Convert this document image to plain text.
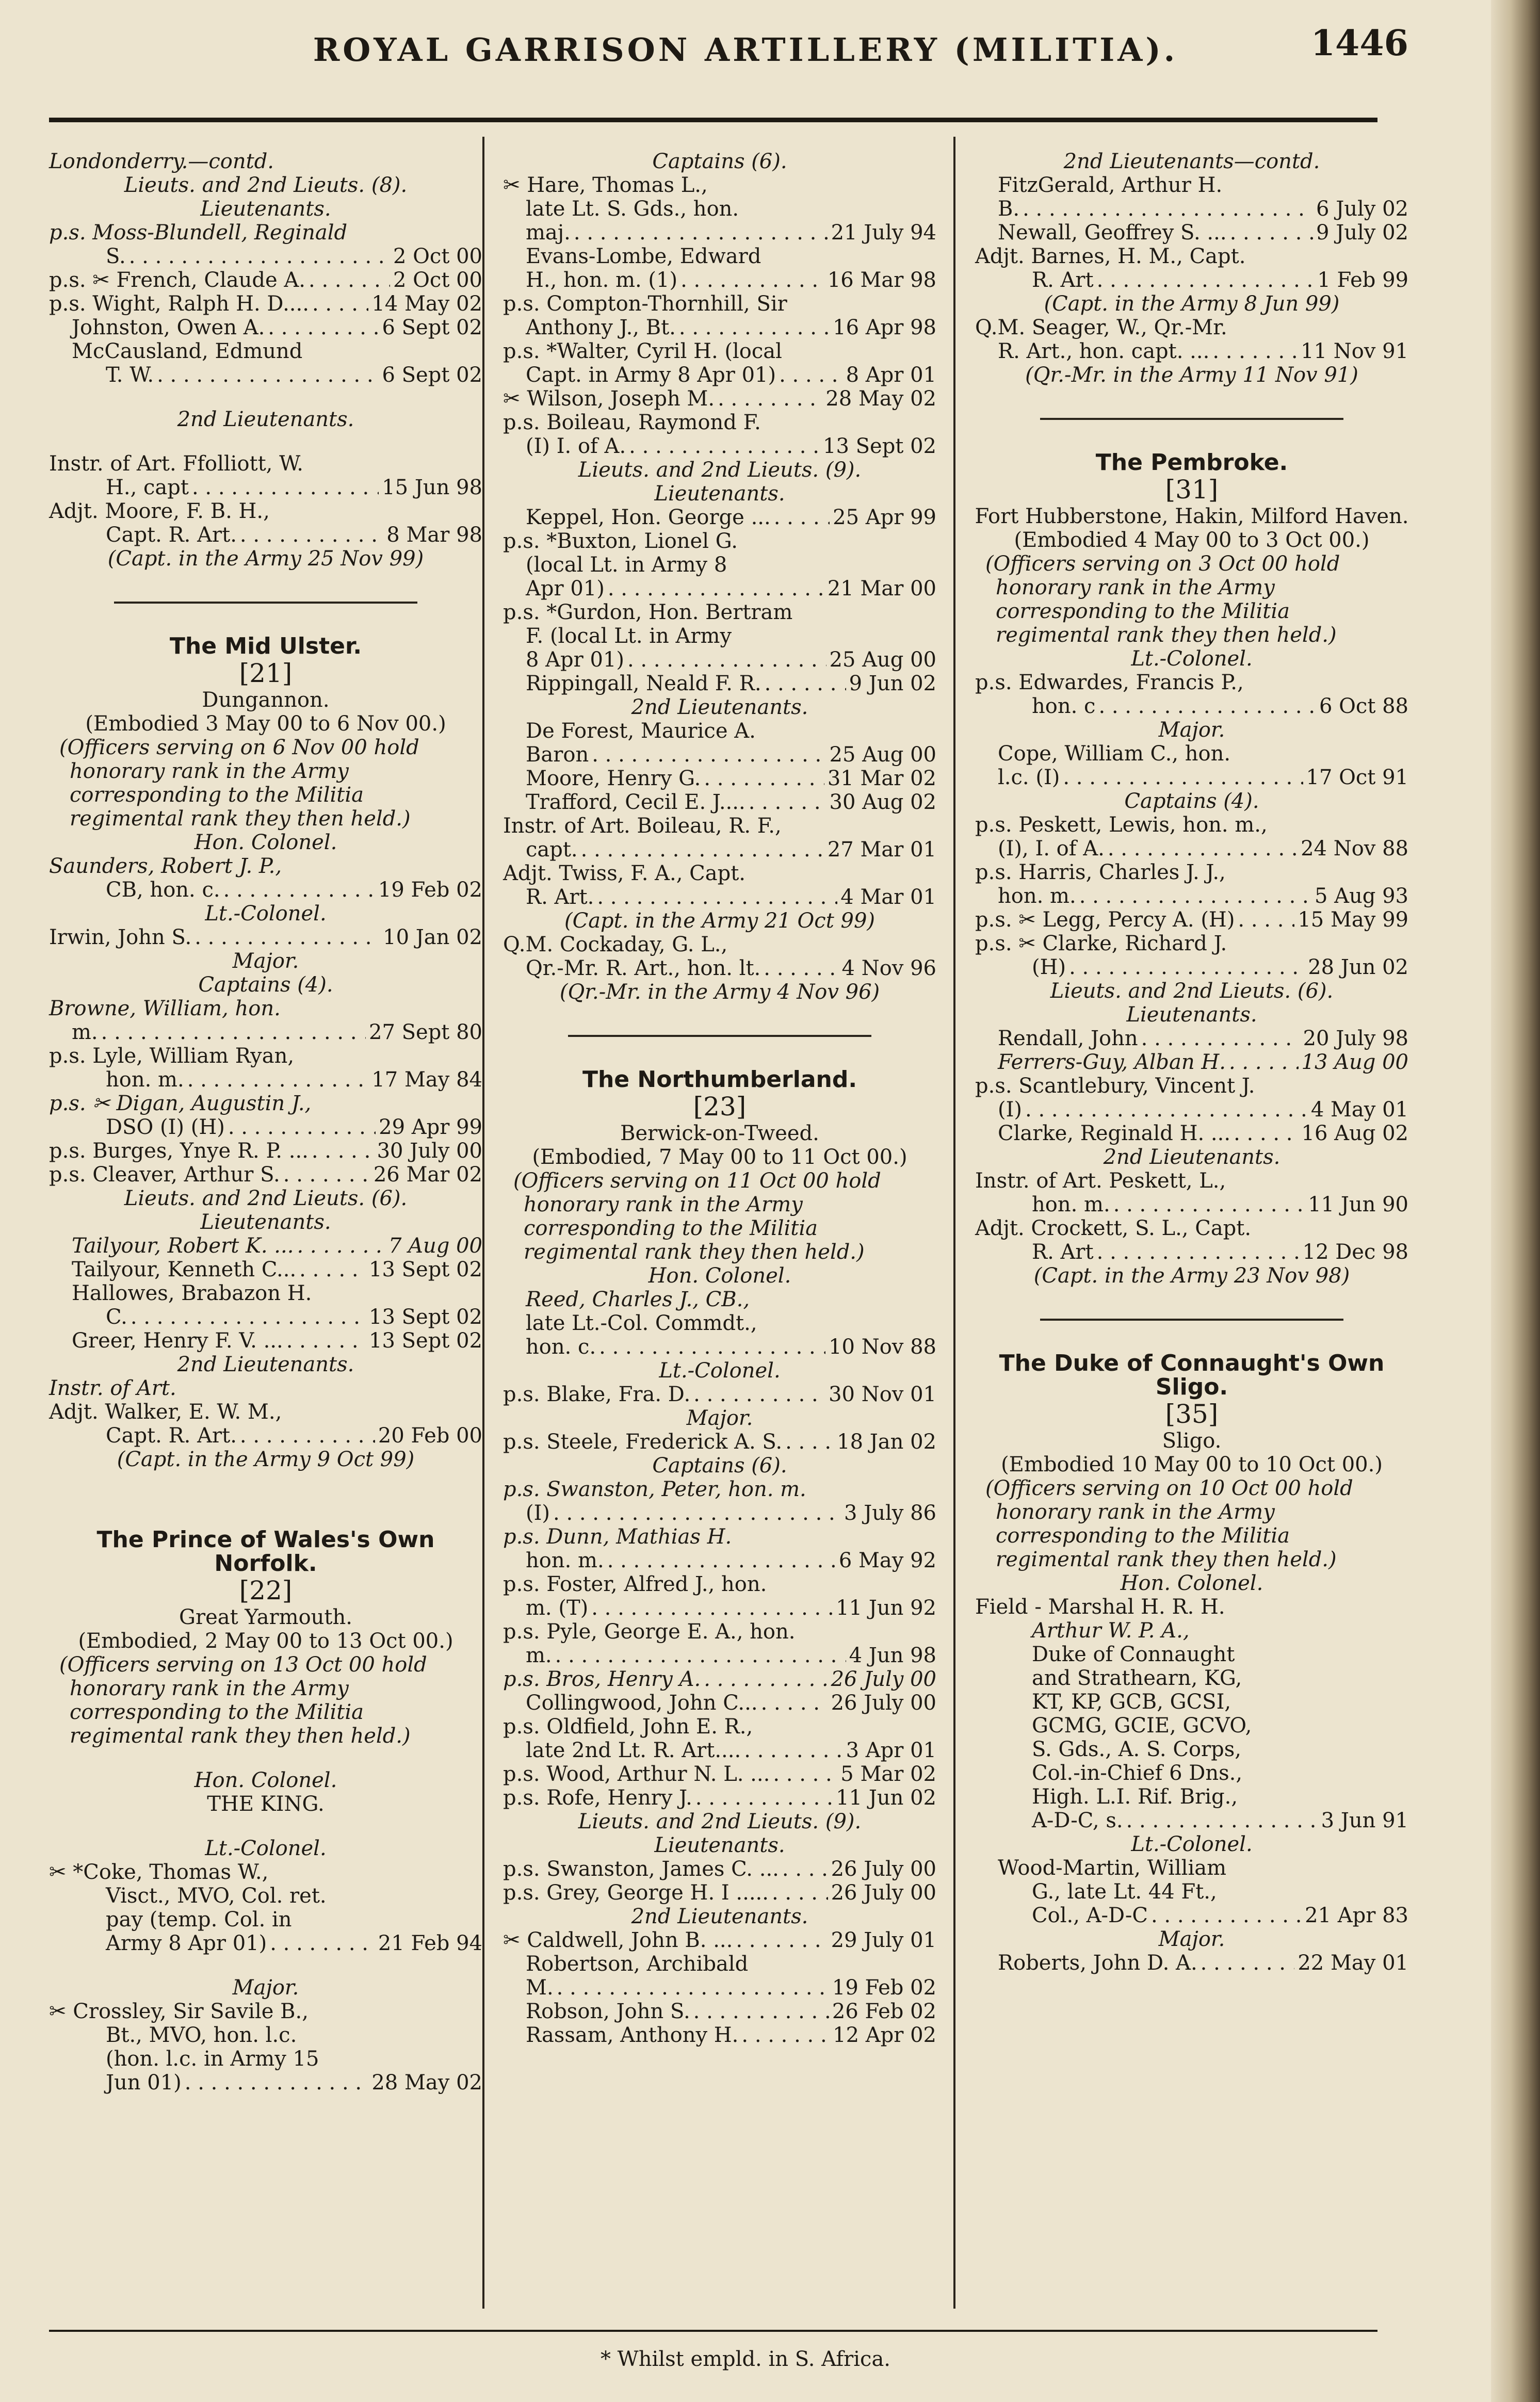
ROYAL GARRISON ARTILLERY (MILITIA).	1446
Londonderry.—contd.
Lieuts. and 2nd Lieuts. (8).
Lieutenants.
p.s. Moss-Blundell, Reginald
S. . . .	2 Oct 00
p.s. ✂ French, Claude A. . . .	2 Oct 00
p.s. Wight, Ralph H. D.... . . .	14 May 02
Johnston, Owen A. . . .	6 Sept 02
McCausland, Edmund
T. W. . . .	6 Sept 02
2nd Lieutenants.
Instr. of Art. Ffolliott, W.
H., capt . . .	15 Jun 98
Adjt. Moore, F. B. H.,
Capt. R. Art. . . .	8 Mar 98
(Capt. in the Army 25 Nov 99)
The Mid Ulster.
[21]
Dungannon.
(Embodied 3 May 00 to 6 Nov 00.)
(Officers serving on 6 Nov 00 hold honorary rank in the Army corresponding to the Militia regimental rank they then held.)
Hon. Colonel.
Saunders, Robert J. P.,
CB, hon. c. . . .	19 Feb 02
Lt.-Colonel.
Irwin, John S. . . .	10 Jan 02
Major.
Captains (4).
Browne, William, hon.
m. . . .	27 Sept 80
p.s. Lyle, William Ryan,
hon. m. . . .	17 May 84
p.s. ✂ Digan, Augustin J.,
DSO (I) (H) . . .	29 Apr 99
p.s. Burges, Ynye R. P. ... . . .	30 July 00
p.s. Cleaver, Arthur S. . . .	26 Mar 02
Lieuts. and 2nd Lieuts. (6).
Lieutenants.
Tailyour, Robert K. ... . . .	7 Aug 00
Tailyour, Kenneth C... . . .	13 Sept 02
Hallowes, Brabazon H.
C. . . .	13 Sept 02
Greer, Henry F. V. ... . . .	13 Sept 02
2nd Lieutenants.
Instr. of Art.
Adjt. Walker, E. W. M.,
Capt. R. Art. . . .	20 Feb 00
(Capt. in the Army 9 Oct 99)
The Prince of Wales's Own Norfolk.
[22]
Great Yarmouth.
(Embodied, 2 May 00 to 13 Oct 00.)
(Officers serving on 13 Oct 00 hold honorary rank in the Army corresponding to the Militia regimental rank they then held.)
Hon. Colonel.
THE KING.
Lt.-Colonel.
✂ *Coke, Thomas W.,
Visct., MVO, Col. ret.
pay (temp. Col. in
Army 8 Apr 01) . . .	21 Feb 94
Major.
✂ Crossley, Sir Savile B.,
Bt., MVO, hon. l.c.
(hon. l.c. in Army 15
Jun 01) . . .	28 May 02
Captains (6).
✂ Hare, Thomas L.,
late Lt. S. Gds., hon.
maj. . . .	21 July 94
Evans-Lombe, Edward
H., hon. m. (1) . . .	16 Mar 98
p.s. Compton-Thornhill, Sir
Anthony J., Bt. . . .	16 Apr 98
p.s. *Walter, Cyril H. (local
Capt. in Army 8 Apr 01) . . .	8 Apr 01
✂ Wilson, Joseph M. . . .	28 May 02
p.s. Boileau, Raymond F.
(I) I. of A. . . .	13 Sept 02
Lieuts. and 2nd Lieuts. (9).
Lieutenants.
Keppel, Hon. George ... . . .	25 Apr 99
p.s. *Buxton, Lionel G.
(local Lt. in Army 8
Apr 01) . . .	21 Mar 00
p.s. *Gurdon, Hon. Bertram
F. (local Lt. in Army
8 Apr 01) . . .	25 Aug 00
Rippingall, Neald F. R. . . .	9 Jun 02
2nd Lieutenants.
De Forest, Maurice A.
Baron . . .	25 Aug 00
Moore, Henry G. . . .	31 Mar 02
Trafford, Cecil E. J.... . . .	30 Aug 02
Instr. of Art. Boileau, R. F.,
capt. . . .	27 Mar 01
Adjt. Twiss, F. A., Capt.
R. Art. . . .	4 Mar 01
(Capt. in the Army 21 Oct 99)
Q.M. Cockaday, G. L.,
Qr.-Mr. R. Art., hon. lt. . . .	4 Nov 96
(Qr.-Mr. in the Army 4 Nov 96)
The Northumberland.
[23]
Berwick-on-Tweed.
(Embodied, 7 May 00 to 11 Oct 00.)
(Officers serving on 11 Oct 00 hold honorary rank in the Army corresponding to the Militia regimental rank they then held.)
Hon. Colonel.
Reed, Charles J., CB.,
late Lt.-Col. Commdt.,
hon. c. . . .	10 Nov 88
Lt.-Colonel.
p.s. Blake, Fra. D. . . .	30 Nov 01
Major.
p.s. Steele, Frederick A. S. . . .	18 Jan 02
Captains (6).
p.s. Swanston, Peter, hon. m.
(I) . . .	3 July 86
p.s. Dunn, Mathias H.
hon. m. . . .	6 May 92
p.s. Foster, Alfred J., hon.
m. (T) . . .	11 Jun 92
p.s. Pyle, George E. A., hon.
m. . . .	4 Jun 98
p.s. Bros, Henry A. . . .	26 July 00
Collingwood, John C... . . .	26 July 00
p.s. Oldfield, John E. R.,
late 2nd Lt. R. Art.... . . .	3 Apr 01
p.s. Wood, Arthur N. L. ... . . .	5 Mar 02
p.s. Rofe, Henry J. . . .	11 Jun 02
Lieuts. and 2nd Lieuts. (9).
Lieutenants.
p.s. Swanston, James C. ... . . .	26 July 00
p.s. Grey, George H. I ..... . . .	26 July 00
2nd Lieutenants.
✂ Caldwell, John B. ... . . .	29 July 01
Robertson, Archibald
M. . . .	19 Feb 02
Robson, John S. . . .	26 Feb 02
Rassam, Anthony H. . . .	12 Apr 02
2nd Lieutenants—contd.
FitzGerald, Arthur H.
B. . . .	6 July 02
Newall, Geoffrey S. ... . . .	9 July 02
Adjt. Barnes, H. M., Capt.
R. Art . . .	1 Feb 99
(Capt. in the Army 8 Jun 99)
Q.M. Seager, W., Qr.-Mr.
R. Art., hon. capt. ... . . .	11 Nov 91
(Qr.-Mr. in the Army 11 Nov 91)
The Pembroke.
[31]
Fort Hubberstone, Hakin, Milford Haven.
(Embodied 4 May 00 to 3 Oct 00.)
(Officers serving on 3 Oct 00 hold honorary rank in the Army corresponding to the Militia regimental rank they then held.)
Lt.-Colonel.
p.s. Edwardes, Francis P.,
hon. c . . .	6 Oct 88
Major.
Cope, William C., hon.
l.c. (I) . . .	17 Oct 91
Captains (4).
p.s. Peskett, Lewis, hon. m.,
(I), I. of A. . . .	24 Nov 88
p.s. Harris, Charles J. J.,
hon. m. . . .	5 Aug 93
p.s. ✂ Legg, Percy A. (H) . . .	15 May 99
p.s. ✂ Clarke, Richard J.
(H) . . .	28 Jun 02
Lieuts. and 2nd Lieuts. (6).
Lieutenants.
Rendall, John . . .	20 July 98
Ferrers-Guy, Alban H. . . .	13 Aug 00
p.s. Scantlebury, Vincent J.
(I) . . .	4 May 01
Clarke, Reginald H. ... . . .	16 Aug 02
2nd Lieutenants.
Instr. of Art. Peskett, L.,
hon. m. . . .	11 Jun 90
Adjt. Crockett, S. L., Capt.
R. Art . . .	12 Dec 98
(Capt. in the Army 23 Nov 98)
The Duke of Connaught's Own Sligo.
[35]
Sligo.
(Embodied 10 May 00 to 10 Oct 00.)
(Officers serving on 10 Oct 00 hold honorary rank in the Army corresponding to the Militia regimental rank they then held.)
Hon. Colonel.
Field - Marshal H. R. H.
Arthur W. P. A.,
Duke of Connaught
and Strathearn, KG,
KT, KP, GCB, GCSI,
GCMG, GCIE, GCVO,
S. Gds., A. S. Corps,
Col.-in-Chief 6 Dns.,
High. L.I. Rif. Brig.,
A-D-C, s. . . .	3 Jun 91
Lt.-Colonel.
Wood-Martin, William
G., late Lt. 44 Ft.,
Col., A-D-C . . .	21 Apr 83
Major.
Roberts, John D. A. . . .	22 May 01
* Whilst empld. in S. Africa.
